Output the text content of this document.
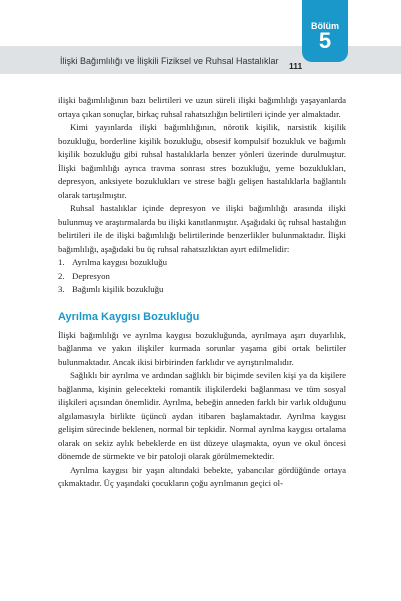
İlişki Bağımlılığı ve İlişkili Fiziksel ve Ruhsal Hastalıklar 111
Bölüm
5

ilişki bağımlılığının bazı belirtileri ve uzun süreli ilişki bağımlılığı yaşayanlarda ortaya çıkan sonuçlar, birkaç ruhsal rahatsızlığın belirtileri içinde yer almaktadır.

Kimi yayınlarda ilişki bağımlılığının, nörotik kişilik, narsistik kişilik bozukluğu, borderline kişilik bozukluğu, obsesif kompulsif bozukluk ve bağımlı kişilik bozukluğu gibi ruhsal hastalıklarla benzer yönleri üzerinde durulmuştur. İlişki bağımlılığı ayrıca travma sonrası stres bozukluğu, yeme bozuklukları, depresyon, anksiyete bozuklukları ve strese bağlı gelişen hastalıklarla bağlantılı olarak tartışılmıştır.

Ruhsal hastalıklar içinde depresyon ve ilişki bağımlılığı arasında ilişki bulunmuş ve araştırmalarda bu ilişki kanıtlanmıştır. Aşağıdaki üç ruhsal hastalığın belirtileri ile de ilişki bağımlılığı belirtilerinde benzerlikler bulunmaktadır. İlişki bağımlılığı, aşağıdaki bu üç ruhsal rahatsızlıktan ayırt edilmelidir:

1. Ayrılma kaygısı bozukluğu
2. Depresyon
3. Bağımlı kişilik bozukluğu
Ayrılma Kaygısı Bozukluğu

İlişki bağımlılığı ve ayrılma kaygısı bozukluğunda, ayrılmaya aşırı duyarlılık, bağlanma ve yakın ilişkiler kurmada sorunlar yaşama gibi ortak belirtiler bulunmaktadır. Ancak ikisi birbirinden farklıdır ve ayrıştırılmalıdır.

Sağlıklı bir ayrılma ve ardından sağlıklı bir biçimde sevilen kişi ya da kişilere bağlanma, kişinin gelecekteki romantik ilişkilerdeki bağlanması ve tüm sosyal ilişkileri açısından önemlidir. Ayrılma, bebeğin anneden farklı bir varlık olduğunu algılamasıyla birlikte üçüncü aydan itibaren başlamaktadır. Ayrılma kaygısı gelişim sürecinde beklenen, normal bir tepkidir. Normal ayrılma kaygısı ortalama olarak on sekiz aylık bebeklerde en üst düzeye ulaşmakta, oyun ve okul öncesi dönemde de sürmekte ve bir patoloji olarak görülmemektedir.

Ayrılma kaygısı bir yaşın altındaki bebekte, yabancılar gördüğünde ortaya çıkmaktadır. Üç yaşındaki çocukların çoğu ayrılmanın geçici ol-
